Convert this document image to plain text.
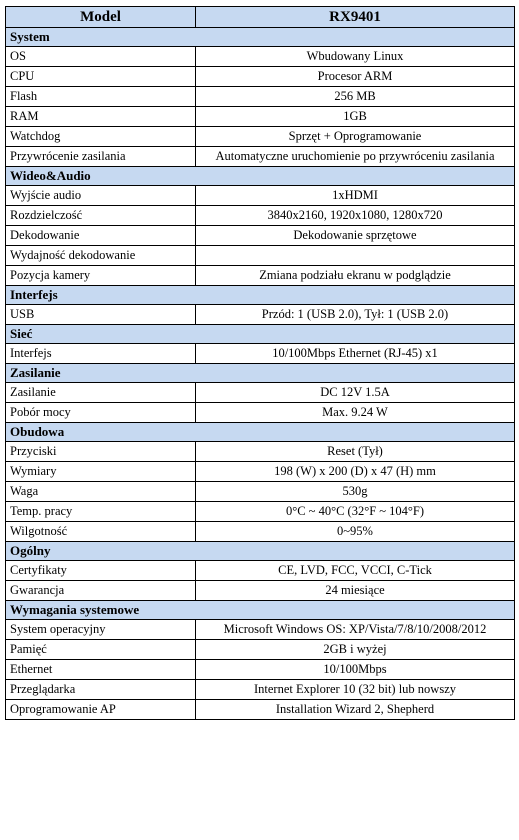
Model	RX9401
System	
OS	Wbudowany Linux
CPU	Procesor ARM
Flash	256 MB
RAM	1GB
Watchdog	Sprzęt + Oprogramowanie
Przywrócenie zasilania	Automatyczne uruchomienie po przywróceniu zasilania
Wideo&Audio	
Wyjście audio	1xHDMI
Rozdzielczość	3840x2160, 1920x1080, 1280x720
Dekodowanie	Dekodowanie sprzętowe
Wydajność dekodowanie	
Pozycja kamery	Zmiana podziału ekranu w podglądzie
Interfejs	
USB	Przód: 1 (USB 2.0), Tył: 1 (USB 2.0)
Sieć	
Interfejs	10/100Mbps Ethernet (RJ-45) x1
Zasilanie	
Zasilanie	DC 12V 1.5A
Pobór mocy	Max. 9.24 W
Obudowa	
Przyciski	Reset (Tył)
Wymiary	198 (W) x 200 (D) x 47 (H) mm
Waga	530g
Temp. pracy	0°C ~ 40°C (32°F ~ 104°F)
Wilgotność	0~95%
Ogólny	
Certyfikaty	CE, LVD, FCC, VCCI, C-Tick
Gwarancja	24 miesiące
Wymagania systemowe	
System operacyjny	Microsoft Windows OS: XP/Vista/7/8/10/2008/2012
Pamięć	2GB i wyżej
Ethernet	10/100Mbps
Przeglądarka	Internet Explorer 10 (32 bit) lub nowszy
Oprogramowanie AP	Installation Wizard 2, Shepherd
